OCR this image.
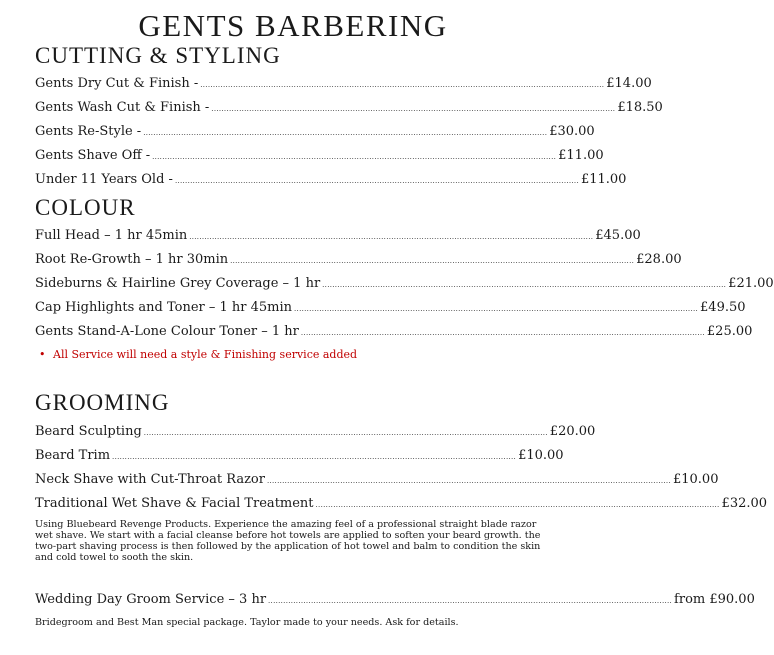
GENTS BARBERING
CUTTING & STYLING
Gents Dry Cut & Finish - ................................................................................................................................................................ £14.00
Gents Wash Cut & Finish - ................................................................................................................................................................ £18.50
Gents Re-Style - ................................................................................................................................................................ £30.00
Gents Shave Off - ................................................................................................................................................................ £11.00
Under 11 Years Old - ................................................................................................................................................................ £11.00
COLOUR
Full Head – 1 hr 45min ................................................................................................................................................................ £45.00
Root Re-Growth – 1 hr 30min ................................................................................................................................................................ £28.00
Sideburns & Hairline Grey Coverage – 1 hr ................................................................................................................................................................ £21.00
Cap Highlights and Toner – 1 hr 45min ................................................................................................................................................................ £49.50
Gents Stand-A-Lone Colour Toner – 1 hr ................................................................................................................................................................ £25.00
• All Service will need a style & Finishing service added
GROOMING
Beard Sculpting ................................................................................................................................................................ £20.00
Beard Trim ................................................................................................................................................................ £10.00
Neck Shave with Cut-Throat Razor ................................................................................................................................................................ £10.00
Traditional Wet Shave & Facial Treatment ................................................................................................................................................................ £32.00

Using Bluebeard Revenge Products. Experience the amazing feel of a professional straight blade razor wet shave. We start with a facial cleanse before hot towels are applied to soften your beard growth. the two-part shaving process is then followed by the application of hot towel and balm to condition the skin and cold towel to sooth the skin.

Wedding Day Groom Service – 3 hr ................................................................................................................................................................ from £90.00

Bridegroom and Best Man special package. Taylor made to your needs. Ask for details.
